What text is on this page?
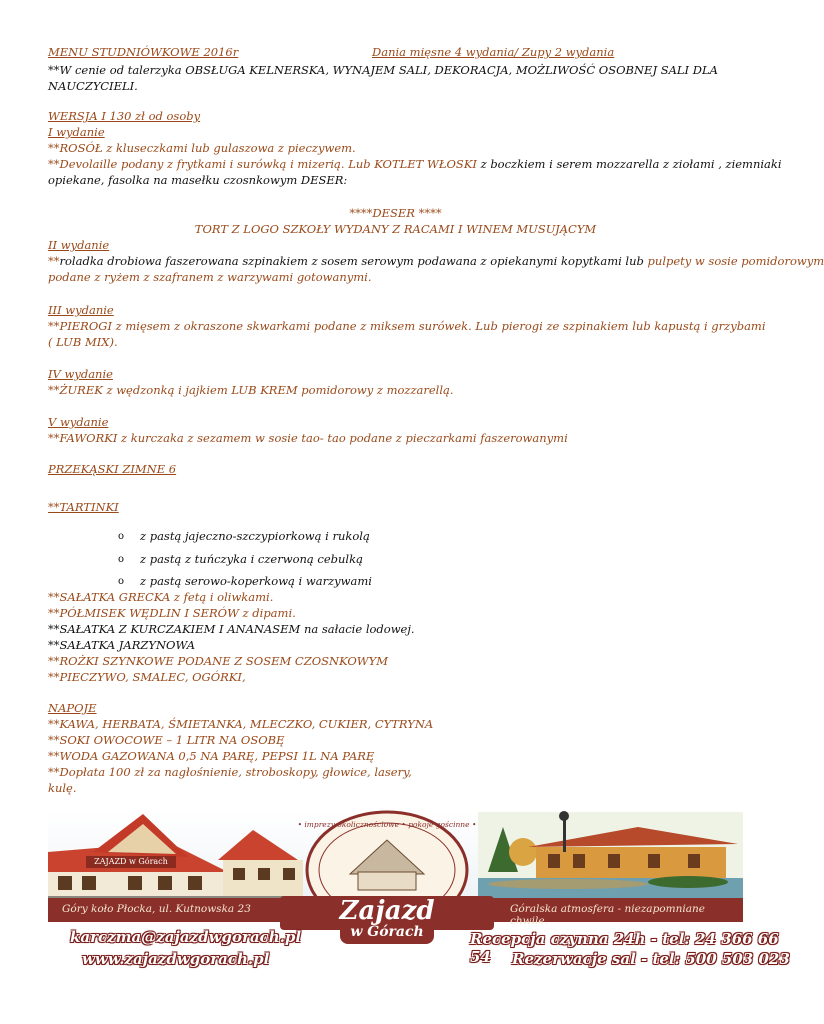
MENU STUDNIÓWKOWE 2016r	Dania mięsne 4 wydania/ Zupy 2 wydania
**W cenie od talerzyka OBSŁUGA KELNERSKA, WYNAJEM SALI, DEKORACJA, MOŻLIWOŚĆ OSOBNEJ SALI DLA
NAUCZYCIELI.
WERSJA I 130 zł od osoby
I wydanie
**ROSÓŁ z kluseczkami lub gulaszowa z pieczywem.
**Devolaille podany z frytkami i surówką i mizerią. Lub KOTLET WŁOSKI z boczkiem i serem mozzarella z ziołami , ziemniaki
opiekane, fasolka na masełku czosnkowym DESER:
****DESER ****
TORT Z LOGO SZKOŁY WYDANY Z RACAMI I WINEM MUSUJĄCYM
II wydanie
**roladka drobiowa faszerowana szpinakiem z sosem serowym podawana z opiekanymi kopytkami lub pulpety w sosie pomidorowym
podane z ryżem z szafranem z warzywami gotowanymi.
III wydanie
**PIEROGI z mięsem z okraszone skwarkami podane z miksem surówek. Lub pierogi ze szpinakiem lub kapustą i grzybami
( LUB MIX).
IV wydanie
**ŻUREK z wędzonką i jajkiem LUB KREM pomidorowy z mozzarellą.
V wydanie
**FAWORKI z kurczaka z sezamem w sosie tao- tao podane z pieczarkami faszerowanymi
PRZEKĄSKI ZIMNE 6
**TARTINKI
o z pastą jajeczno-szczypiorkową i rukolą
o z pastą z tuńczyka i czerwoną cebulką
o z pastą serowo-koperkową i warzywami
**SAŁATKA GRECKA z fetą i oliwkami.
**PÓŁMISEK WĘDLIN I SERÓW z dipami.
**SAŁATKA Z KURCZAKIEM I ANANASEM na sałacie lodowej.
**SAŁATKA JARZYNOWA
**ROŻKI SZYNKOWE PODANE Z SOSEM CZOSNKOWYM
**PIECZYWO, SMALEC, OGÓRKI,
NAPOJE
**KAWA, HERBATA, ŚMIETANKA, MLECZKO, CUKIER, CYTRYNA
**SOKI OWOCOWE – 1 LITR NA OSOBĘ
**WODA GAZOWANA 0,5 NA PARĘ, PEPSI 1L NA PARĘ
**Dopłata 100 zł za nagłośnienie, stroboskopy, głowice, lasery,
kulę.
ZAJAZD w Górach
Góry koło Płocka, ul. Kutnowska 23	Góralska atmosfera - niezapomniane chwile.
• imprezy okolicznościowe • pokoje gościnne •
Zajazd
w Górach
karczma@zajazdwgorach.pl
www.zajazdwgorach.pl
Recepcja czynna 24h - tel: 24 366 66 54	Rezerwacje sal - tel: 500 503 023
